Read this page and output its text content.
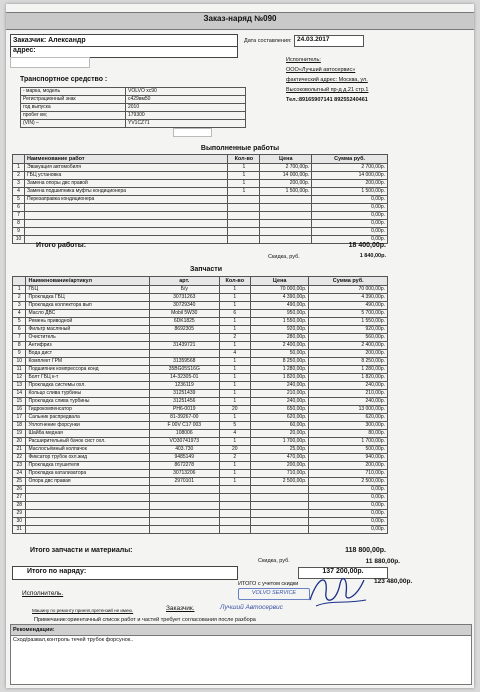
Заказ-наряд №090
Заказчик: Александр
адрес:
Дата составления: 24.03.2017
Транспортное средство :
- марка, модель	VOLVO xc90
Регистрационный знак	с429вм50
год выпуска	2010
пробег км;	179300
(VIN) –	YV1CZ71
Исполнитель:
ООО«Лучший автосервис»
фактический адрес: Москва, ул.
Высоковольтный пр-д д.21 стр.1
Тел.:89165907141 89255240461
Выполненные работы
	Наименование работ	Кол-во	Цена	Сумма руб.
1	Эвакуация автомобиля	1	2 700,00р.	2 700,00р.
2	ГБЦ установка	1	14 000,00р.	14 000,00р.
3	Замена опоры двс правой	1	200,00р.	200,00р.
4	Замена подшипника муфты кондиционера	1	1 500,00р.	1 500,00р.
5	Перезаправка кондиционера			0,00р.
6				0,00р.
7				0,00р.
8				0,00р.
9				0,00р.
10				0,00р.
Итого работы:	18 400,00р.
Скидка, руб.	1 840,00р.
Запчасти
	Наименование/артикул	арт.	Кол-во	Цена	Сумма руб.
1	ГБЦ	Б/у	1	70 000,00р.	70 000,00р.
2	Прокладка ГБЦ	30731263	1	4 390,00р.	4 390,00р.
3	Прокладка коллектора вып	30729340	1	490,00р.	490,00р.
4	Масло ДВС	Mobil 5W30	6	950,00р.	5 700,00р.
5	Ремень приводной	6DK1825	1	1 550,00р.	1 550,00р.
6	Фильтр масляный	8692305	1	920,00р.	920,00р.
7	Очиститель		2	280,00р.	560,00р.
8	Антифриз	31439721	1	2 400,00р.	2 400,00р.
9	Вода дист		4	50,00р.	200,00р.
10	Комплект ГРМ	31359568	1	8 250,00р.	8 250,00р.
11	Подшипник компрессора конд	35BG05S16G	1	1 280,00р.	1 280,00р.
12	Болт ГБЦ к-т	14-32305-01	1	1 820,00р.	1 820,00р.
13	Прокладка системы охл.	1236119	1	240,00р.	240,00р.
14	Кольцо слива турбины	31251439	1	210,00р.	210,00р.
15	Прокладка слива турбины	31251456	1	240,00р.	240,00р.
16	Гидрокомпенсатор	PH6-0019	20	650,00р.	13 000,00р.
17	Сальник распредвала	81-39267-00	1	620,00р.	620,00р.
18	Уплотнение форсунки	F 00V C17 003	5	60,00р.	300,00р.
19	Шайба медная	108006	4	20,00р.	80,00р.
20	Расширительный бачок сист охл.	VO30741973	1	1 700,00р.	1 700,00р.
21	Маслосъёмный колпачок	403.730	20	25,00р.	500,00р.
22	Фиксатор трубок охл.жид	9485149	2	470,00р.	940,00р.
23	Прокладка глушителя	8672278	1	200,00р.	200,00р.
24	Прокладка катализатора	30713206	1	710,00р.	710,00р.
25	Опора двс правая	2970101	1	2 500,00р.	2 500,00р.
26					0,00р.
27					0,00р.
28					0,00р.
29					0,00р.
30					0,00р.
31					0,00р.
Итого запчасти и материалы:	118 800,00р.
Скидка, руб.	11 880,00р.
Итого по наряду:	137 200,00р.
ИТОГО с учетом скидки	123 480,00р.
VOLVO SERVICE
Исполнитель.
Машину по ремонту принял,претензий не имею.	Заказчик.	Лучший Автосервис
Примечание:ориентачный список работ и частей требует согласования после разбора
Рекомендации:
Сход/развал,контроль течей трубок форсунок..
